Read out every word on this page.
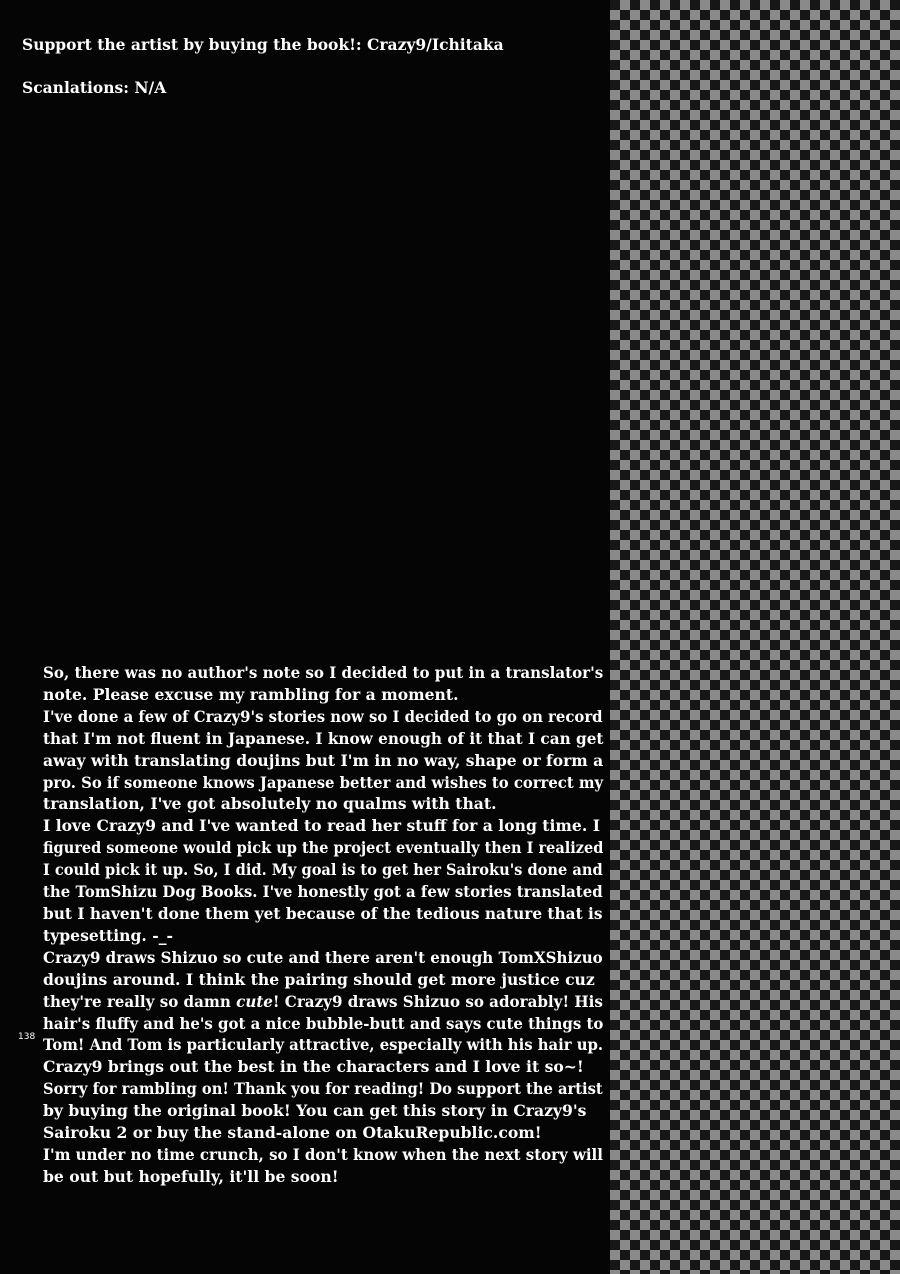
Support the artist by buying the book!: Crazy9/Ichitaka
Scanlations: N/A
So, there was no author's note so I decided to put in a translator's
note. Please excuse my rambling for a moment.
I've done a few of Crazy9's stories now so I decided to go on record
that I'm not fluent in Japanese. I know enough of it that I can get
away with translating doujins but I'm in no way, shape or form a
pro. So if someone knows Japanese better and wishes to correct my
translation, I've got absolutely no qualms with that.
I love Crazy9 and I've wanted to read her stuff for a long time. I
figured someone would pick up the project eventually then I realized
I could pick it up. So, I did. My goal is to get her Sairoku's done and
the TomShizu Dog Books. I've honestly got a few stories translated
but I haven't done them yet because of the tedious nature that is
typesetting. -_-
Crazy9 draws Shizuo so cute and there aren't enough TomXShizuo
doujins around. I think the pairing should get more justice cuz
they're really so damn cute! Crazy9 draws Shizuo so adorably! His
hair's fluffy and he's got a nice bubble-butt and says cute things to
Tom! And Tom is particularly attractive, especially with his hair up.
Crazy9 brings out the best in the characters and I love it so~!
Sorry for rambling on! Thank you for reading! Do support the artist
by buying the original book! You can get this story in Crazy9's
Sairoku 2 or buy the stand-alone on OtakuRepublic.com!
I'm under no time crunch, so I don't know when the next story will
be out but hopefully, it'll be soon!
138
